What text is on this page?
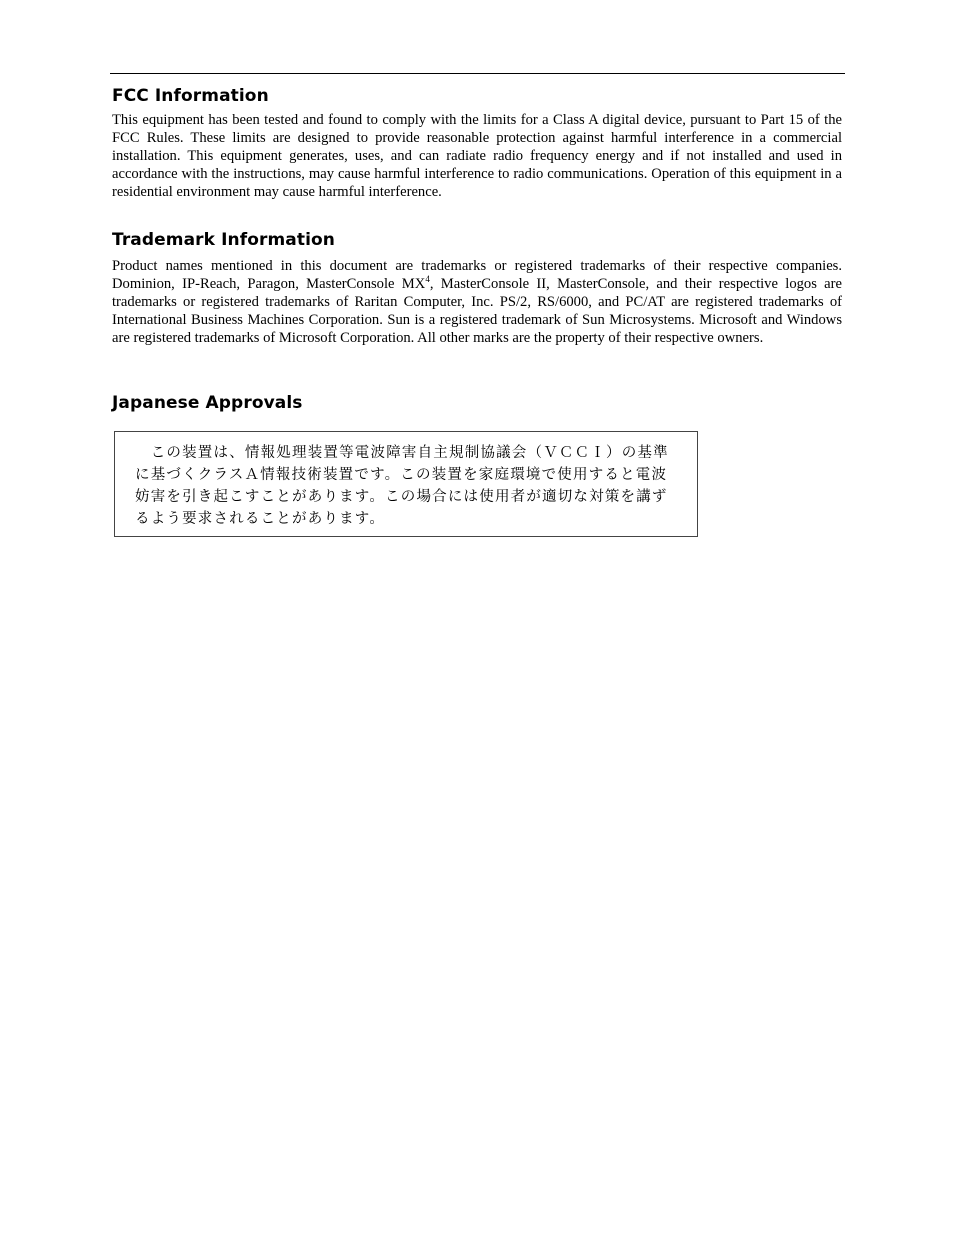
FCC Information

This equipment has been tested and found to comply with the limits for a Class A digital device, pursuant to Part 15 of the FCC Rules. These limits are designed to provide reasonable protection against harmful interference in a commercial installation. This equipment generates, uses, and can radiate radio frequency energy and if not installed and used in accordance with the instructions, may cause harmful interference to radio communications. Operation of this equipment in a residential environment may cause harmful interference.

Trademark Information

Product names mentioned in this document are trademarks or registered trademarks of their respective companies. Dominion, IP-Reach, Paragon, MasterConsole $MX^4$, MasterConsole II, MasterConsole, and their respective logos are trademarks or registered trademarks of Raritan Computer, Inc. PS/2, RS/6000, and PC/AT are registered trademarks of International Business Machines Corporation. Sun is a registered trademark of Sun Microsystems. Microsoft and Windows are registered trademarks of Microsoft Corporation. All other marks are the property of their respective owners.

Japanese Approvals
　この装置は、情報処理装置等電波障害自主規制協議会（ＶＣＣＩ）の基準
に基づくクラスＡ情報技術装置です。この装置を家庭環境で使用すると電波
妨害を引き起こすことがあります。この場合には使用者が適切な対策を講ず
るよう要求されることがあります。
